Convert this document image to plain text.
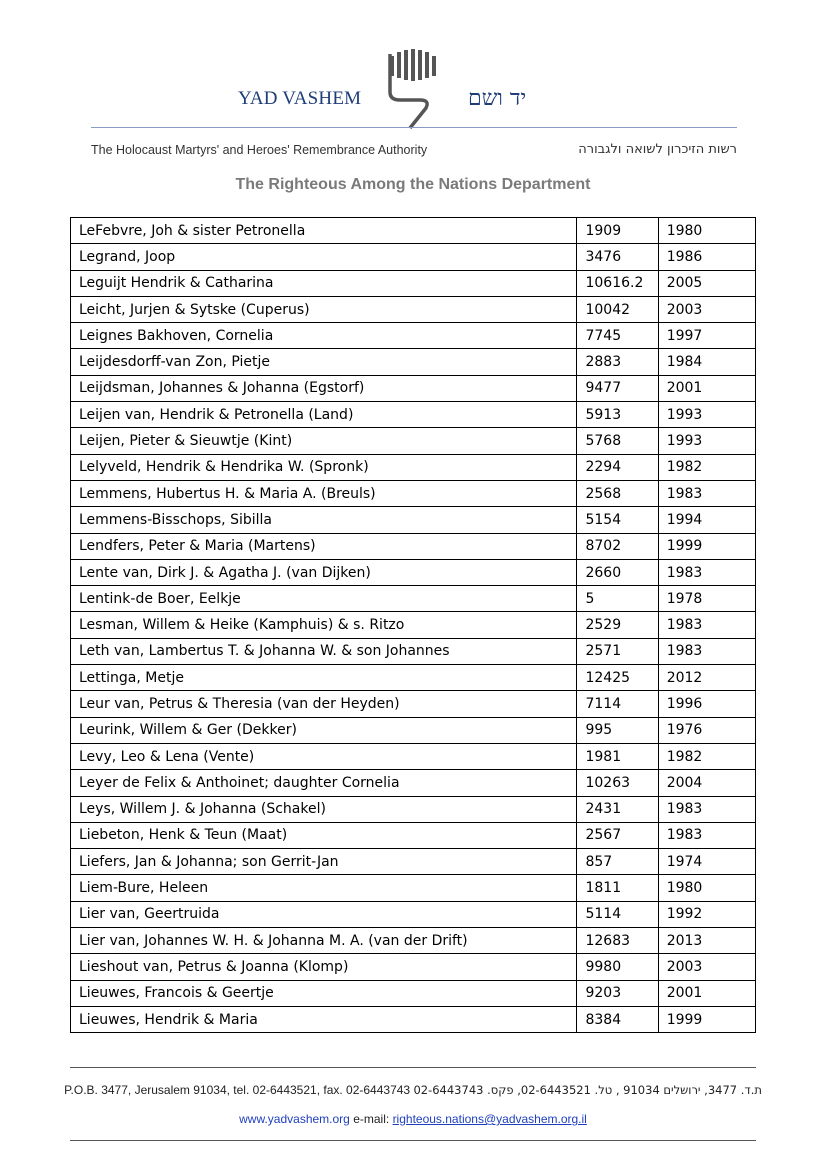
YAD VASHEM	יד ושם
The Holocaust Martyrs' and Heroes' Remembrance Authority	רשות הזיכרון לשואה ולגבורה
The Righteous Among the Nations Department
LeFebvre, Joh & sister Petronella	1909	1980
Legrand, Joop	3476	1986
Leguijt Hendrik & Catharina	10616.2	2005
Leicht, Jurjen & Sytske (Cuperus)	10042	2003
Leignes Bakhoven, Cornelia	7745	1997
Leijdesdorff-van Zon, Pietje	2883	1984
Leijdsman, Johannes & Johanna (Egstorf)	9477	2001
Leijen van, Hendrik & Petronella (Land)	5913	1993
Leijen, Pieter & Sieuwtje (Kint)	5768	1993
Lelyveld, Hendrik & Hendrika W. (Spronk)	2294	1982
Lemmens, Hubertus H. & Maria A. (Breuls)	2568	1983
Lemmens-Bisschops, Sibilla	5154	1994
Lendfers, Peter & Maria (Martens)	8702	1999
Lente van, Dirk J. & Agatha J. (van Dijken)	2660	1983
Lentink-de Boer, Eelkje	5	1978
Lesman, Willem & Heike (Kamphuis) & s. Ritzo	2529	1983
Leth van, Lambertus T. & Johanna W. & son Johannes	2571	1983
Lettinga, Metje	12425	2012
Leur van, Petrus & Theresia (van der Heyden)	7114	1996
Leurink, Willem & Ger (Dekker)	995	1976
Levy, Leo & Lena (Vente)	1981	1982
Leyer de Felix & Anthoinet; daughter Cornelia	10263	2004
Leys, Willem J. & Johanna (Schakel)	2431	1983
Liebeton, Henk & Teun (Maat)	2567	1983
Liefers, Jan & Johanna; son Gerrit-Jan	857	1974
Liem-Bure, Heleen	1811	1980
Lier van, Geertruida	5114	1992
Lier van, Johannes W. H. & Johanna M. A. (van der Drift)	12683	2013
Lieshout van, Petrus & Joanna (Klomp)	9980	2003
Lieuwes, Francois & Geertje	9203	2001
Lieuwes, Hendrik & Maria	8384	1999
P.O.B. 3477, Jerusalem 91034, tel. 02-6443521, fax. 02-6443743 ת.ד. 3477, ירושלים 91034 , טל. 02-6443521, פקס. 02-6443743
www.yadvashem.org e-mail: righteous.nations@yadvashem.org.il
